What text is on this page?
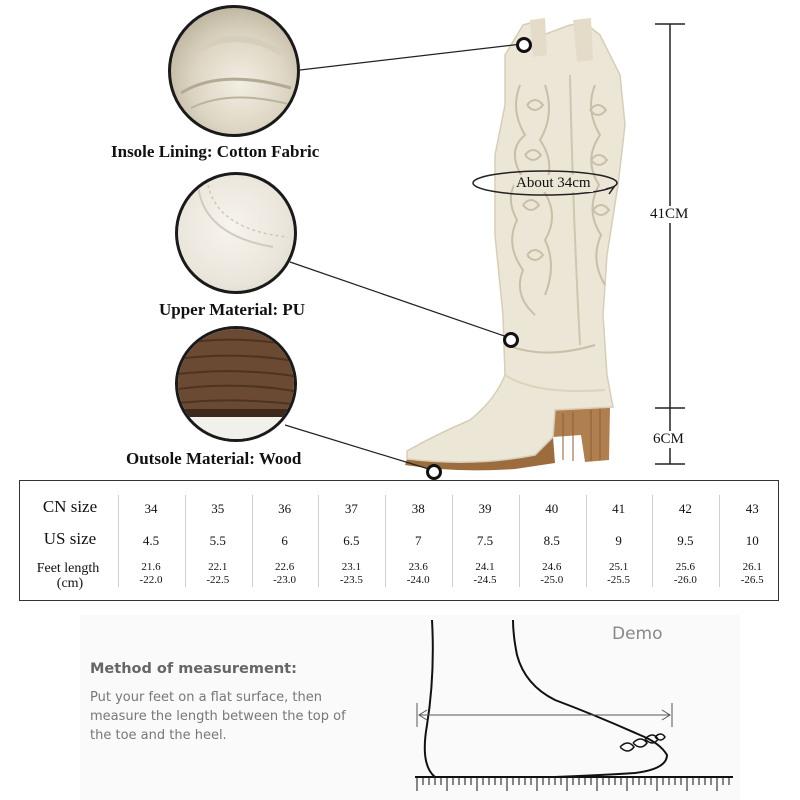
About 34cm
41CM
6CM
Insole Lining: Cotton Fabric
Upper Material: PU
Outsole Material: Wood
CN size
US size
Feet length
(cm)
34
4.5
21.6
-22.0
35
5.5
22.1
-22.5
36
6
22.6
-23.0
37
6.5
23.1
-23.5
38
7
23.6
-24.0
39
7.5
24.1
-24.5
40
8.5
24.6
-25.0
41
9
25.1
-25.5
42
9.5
25.6
-26.0
43
10
26.1
-26.5
Method of measurement:
Put your feet on a flat surface, then
measure the length between the top of
the toe and the heel.
Demo
